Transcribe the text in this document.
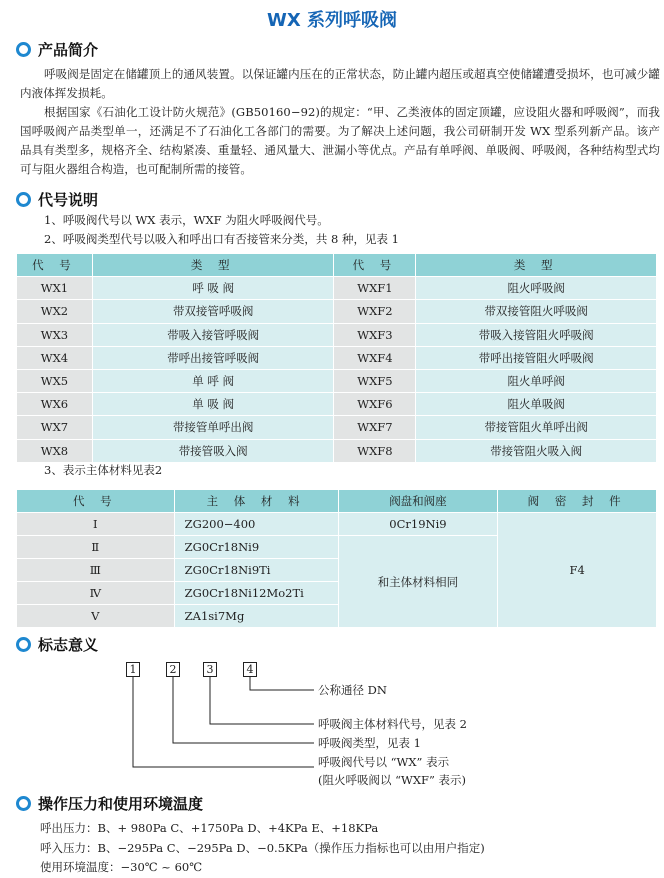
WX 系列呼吸阀
产品简介

呼吸阀是固定在储罐顶上的通风装置。以保证罐内压在的正常状态，防止罐内超压或超真空使储罐遭受损坏，也可减少罐内液体挥发损耗。

根据国家《石油化工设计防火规范》(GB50160−92)的规定：“甲、乙类液体的固定顶罐，应设阻火器和呼吸阀”，而我国呼吸阀产品类型单一，还满足不了石油化工各部门的需要。为了解决上述问题，我公司研制开发 WX 型系列新产品。该产品具有类型多，规格齐全、结构紧凑、重量轻、通风量大、泄漏小等优点。产品有单呼阀、单吸阀、呼吸阀，各种结构型式均可与阻火器组合构造，也可配制所需的接管。

代号说明
1、呼吸阀代号以 WX 表示，WXF 为阻火呼吸阀代号。
2、呼吸阀类型代号以吸入和呼出口有否接管来分类，共 8 种，见表 1
代 号	类 型	代 号	类 型
WX1	呼 吸 阀	WXF1	阻火呼吸阀
WX2	带双接管呼吸阀	WXF2	带双接管阻火呼吸阀
WX3	带吸入接管呼吸阀	WXF3	带吸入接管阻火呼吸阀
WX4	带呼出接管呼吸阀	WXF4	带呼出接管阻火呼吸阀
WX5	单 呼 阀	WXF5	阻火单呼阀
WX6	单 吸 阀	WXF6	阻火单吸阀
WX7	带接管单呼出阀	WXF7	带接管阻火单呼出阀
WX8	带接管吸入阀	WXF8	带接管阻火吸入阀
3、表示主体材料见表2
代 号	主 体 材 料	阀盘和阀座	阀 密 封 件
I	ZG200−400	0Cr19Ni9	F4
Ⅱ	ZG0Cr18Ni9	和主体材料相同	
Ⅲ	ZG0Cr18Ni9Ti		
Ⅳ	ZG0Cr18Ni12Mo2Ti		
V	ZA1si7Mg		
标志意义
1	2	3	4
公称通径 DN
呼吸阀主体材料代号，见表 2
呼吸阀类型，见表 1
呼吸阀代号以 “WX” 表示
(阻火呼吸阀以 “WXF” 表示)
操作压力和使用环境温度
呼出压力：B、+ 980Pa C、+1750Pa D、+4KPa E、+18KPa
呼入压力：B、−295Pa C、−295Pa D、−0.5KPa（操作压力指标也可以由用户指定)
使用环境温度：−30℃ ~ 60℃
